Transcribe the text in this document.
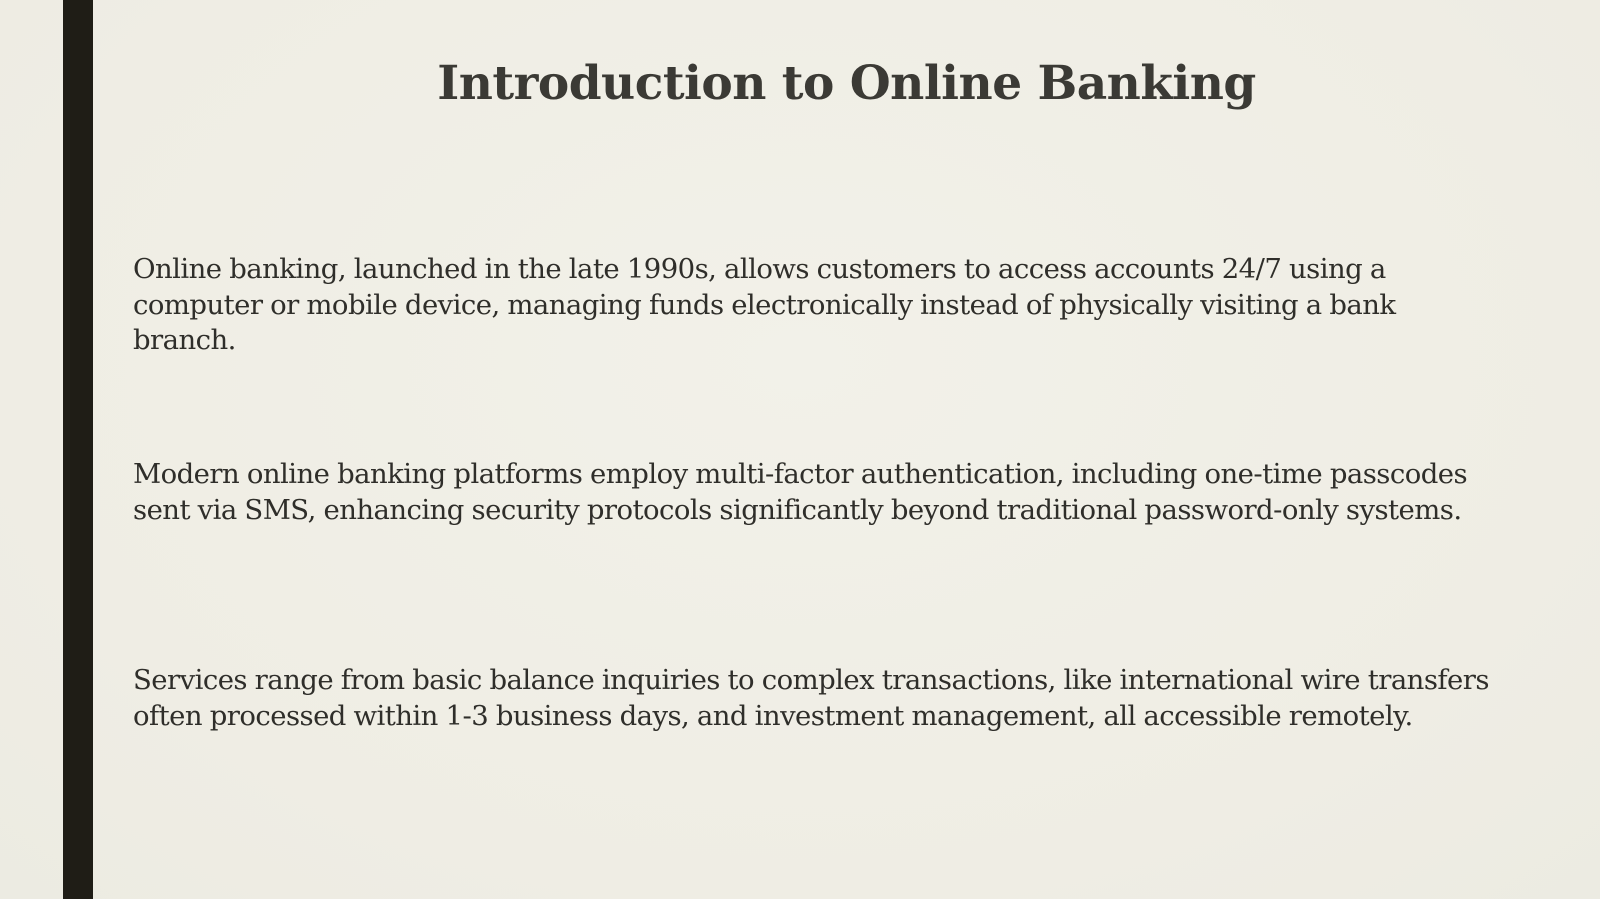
Introduction to Online Banking

Online banking, launched in the late 1990s, allows customers to access accounts 24/7 using a computer or mobile device, managing funds electronically instead of physically visiting a bank branch.

Modern online banking platforms employ multi-factor authentication, including one-time passcodes sent via SMS, enhancing security protocols significantly beyond traditional password-only systems.

Services range from basic balance inquiries to complex transactions, like international wire transfers often processed within 1-3 business days, and investment management, all accessible remotely.
